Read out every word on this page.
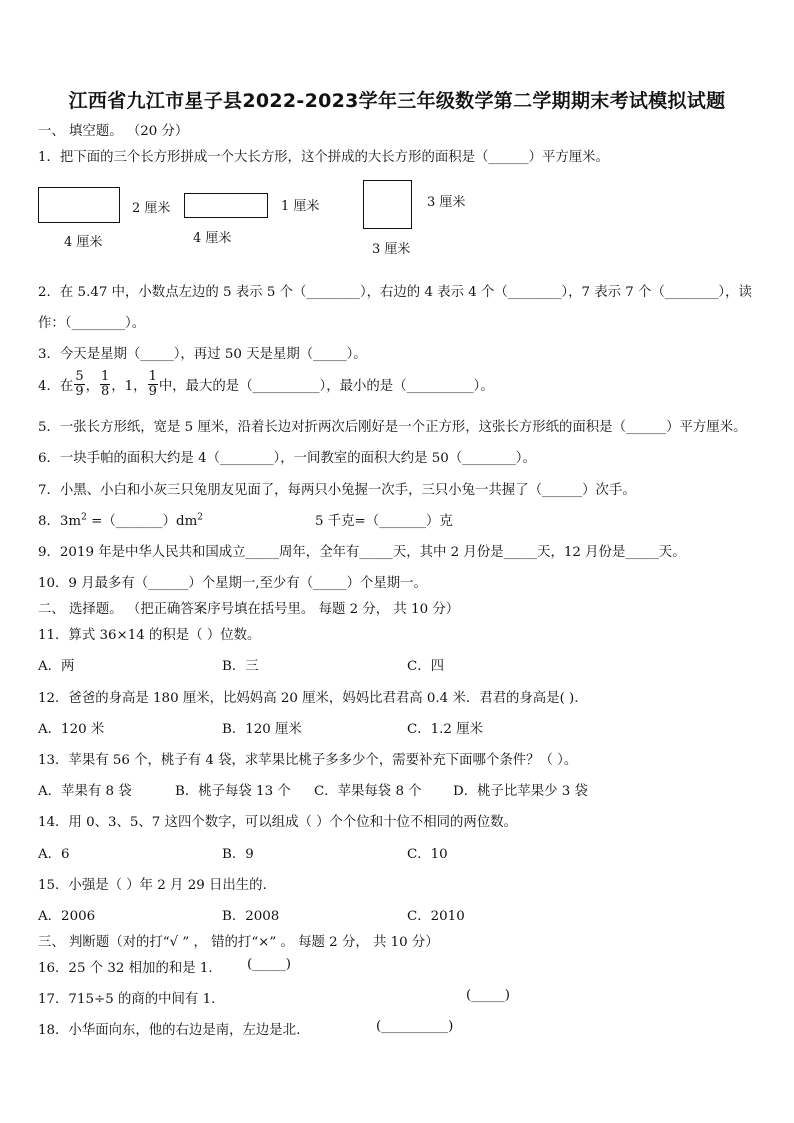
江西省九江市星子县2022-2023学年三年级数学第二学期期末考试模拟试题
一、 填空题。 （20 分）
1．把下面的三个长方形拼成一个大长方形，这个拼成的大长方形的面积是（______）平方厘米。
2 厘米
4 厘米
1 厘米
4 厘米
3 厘米
3 厘米
2．在 5.47 中，小数点左边的 5 表示 5 个（________），右边的 4 表示 4 个（________），7 表示 7 个（________），读
作：（________）。
3．今天是星期（_____），再过 50 天是星期（_____）。
4．在 $\frac{5}{9}$ ， $\frac{1}{8}$ ，1， $\frac{1}{9}$ 中，最大的是（__________），最小的是（__________）。
5．一张长方形纸，宽是 5 厘米，沿着长边对折两次后刚好是一个正方形，这张长方形纸的面积是（______）平方厘米。
6．一块手帕的面积大约是 4（________），一间教室的面积大约是 50（________）。
7．小黑、小白和小灰三只兔朋友见面了，每两只小兔握一次手，三只小兔一共握了（______）次手。
8．$3m^2$ $=(\_\_\_\_\_\_\_)dm^2$	5 千克=（_______）克
9．2019 年是中华人民共和国成立_____周年，全年有_____天，其中 2 月份是_____天，12 月份是_____天。
10．9 月最多有（______）个星期一,至少有（_____）个星期一。
二、 选择题。 （把正确答案序号填在括号里。 每题 2 分， 共 10 分）
11．算式 36×14 的积是（ ）位数。
A．两	B．三	C．四
12．爸爸的身高是 180 厘米，比妈妈高 20 厘米，妈妈比君君高 0.4 米．君君的身高是( ).
A．120 米	B．120 厘米	C．1.2 厘米
13．苹果有 56 个，桃子有 4 袋，求苹果比桃子多多少个，需要补充下面哪个条件？（ ）。
A．苹果有 8 袋	B．桃子每袋 13 个 C．苹果每袋 8 个 D．桃子比苹果少 3 袋
14．用 0、3、5、7 这四个数字，可以组成（ ）个个位和十位不相同的两位数。
A．6	B．9	C．10
15．小强是（ ）年 2 月 29 日出生的.
A．2006	B．2008	C．2010
三、 判断题（对的打“√ ” ， 错的打“×” 。 每题 2 分， 共 10 分）
16．25 个 32 相加的和是 1.	(_____)
17．715÷5 的商的中间有 1.	(_____)
18．小华面向东，他的右边是南，左边是北.	(__________)
